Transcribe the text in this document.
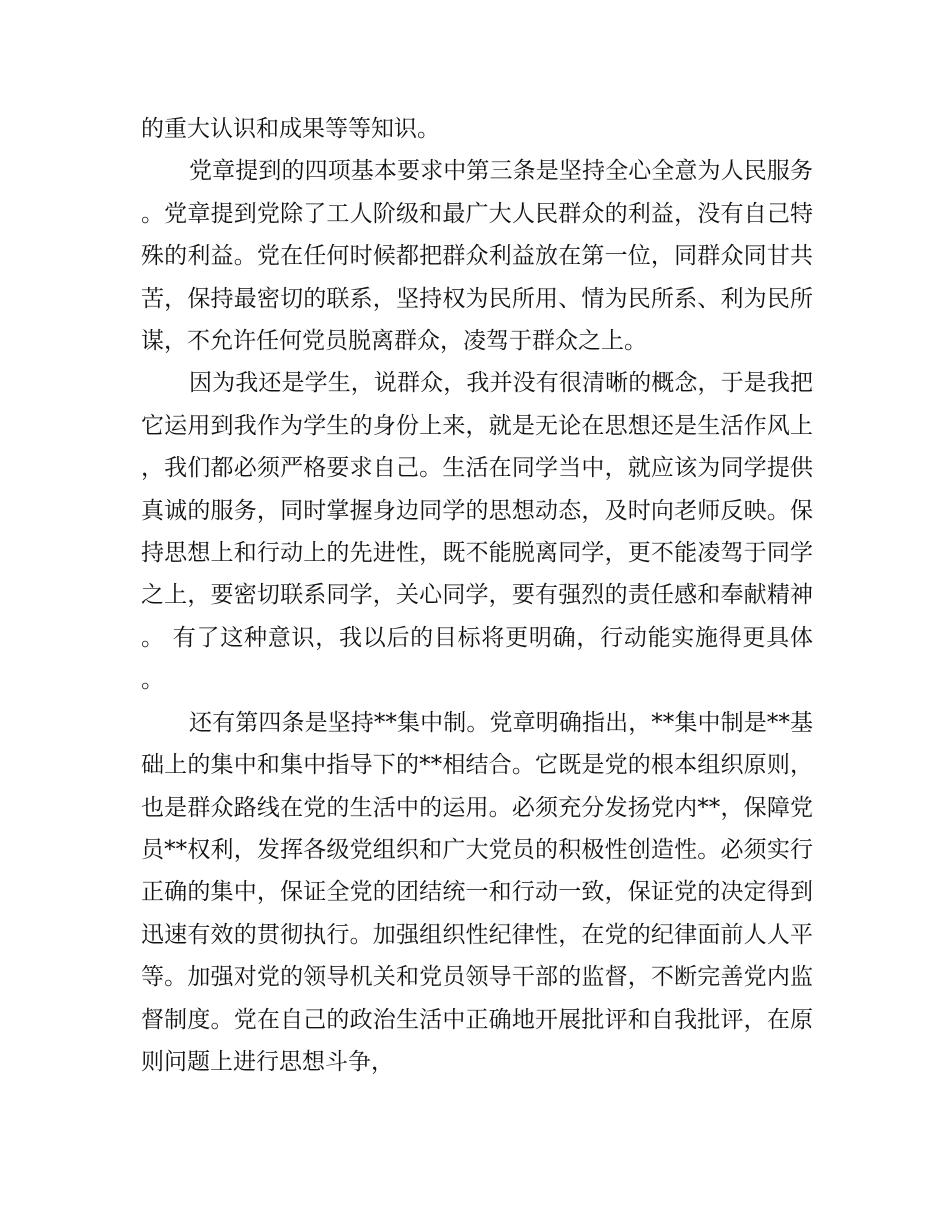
的重大认识和成果等等知识。

党章提到的四项基本要求中第三条是坚持全心全意为人民服务。党章提到党除了工人阶级和最广大人民群众的利益，没有自己特殊的利益。党在任何时候都把群众利益放在第一位，同群众同甘共苦，保持最密切的联系，坚持权为民所用、情为民所系、利为民所谋，不允许任何党员脱离群众，凌驾于群众之上。

因为我还是学生，说群众，我并没有很清晰的概念，于是我把它运用到我作为学生的身份上来，就是无论在思想还是生活作风上，我们都必须严格要求自己。生活在同学当中，就应该为同学提供真诚的服务，同时掌握身边同学的思想动态，及时向老师反映。保持思想上和行动上的先进性，既不能脱离同学，更不能凌驾于同学之上，要密切联系同学，关心同学，要有强烈的责任感和奉献精神。 有了这种意识，我以后的目标将更明确，行动能实施得更具体。

还有第四条是坚持**集中制。党章明确指出，**集中制是**基础上的集中和集中指导下的**相结合。它既是党的根本组织原则，也是群众路线在党的生活中的运用。必须充分发扬党内**，保障党员**权利，发挥各级党组织和广大党员的积极性创造性。必须实行正确的集中，保证全党的团结统一和行动一致，保证党的决定得到迅速有效的贯彻执行。加强组织性纪律性，在党的纪律面前人人平等。加强对党的领导机关和党员领导干部的监督，不断完善党内监督制度。党在自己的政治生活中正确地开展批评和自我批评，在原则问题上进行思想斗争，
